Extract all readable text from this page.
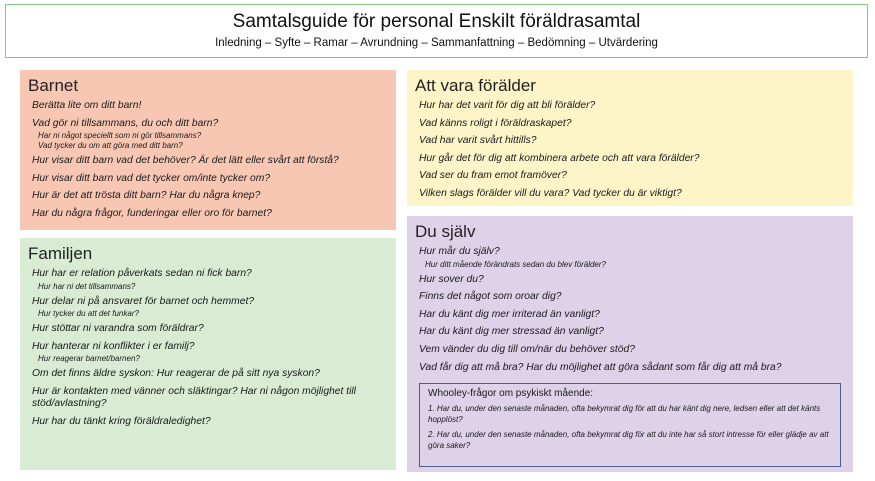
Samtalsguide för personal Enskilt föräldrasamtal
Inledning – Syfte – Ramar – Avrundning – Sammanfattning – Bedömning – Utvärdering
Barnet
Berätta lite om ditt barn!
Vad gör ni tillsammans, du och ditt barn?
Har ni något speciellt som ni gör tillsammans?
Vad tycker du om att göra med ditt barn?
Hur visar ditt barn vad det behöver? Är det lätt eller svårt att förstå?
Hur visar ditt barn vad det tycker om/inte tycker om?
Hur är det att trösta ditt barn? Har du några knep?
Har du några frågor, funderingar eller oro för barnet?
Familjen
Hur har er relation påverkats sedan ni fick barn?
Hur har ni det tillsammans?
Hur delar ni på ansvaret för barnet och hemmet?
Hur tycker du att det funkar?
Hur stöttar ni varandra som föräldrar?
Hur hanterar ni konflikter i er familj?
Hur reagerar barnet/barnen?
Om det finns äldre syskon: Hur reagerar de på sitt nya syskon?
Hur är kontakten med vänner och släktingar? Har ni någon möjlighet till stöd/avlastning?
Hur har du tänkt kring föräldraledighet?
Att vara förälder
Hur har det varit för dig att bli förälder?
Vad känns roligt i föräldraskapet?
Vad har varit svårt hittills?
Hur går det för dig att kombinera arbete och att vara förälder?
Vad ser du fram emot framöver?
Vilken slags förälder vill du vara? Vad tycker du är viktigt?
Du själv
Hur mår du själv?
Hur ditt mående förändrats sedan du blev förälder?
Hur sover du?
Finns det något som oroar dig?
Har du känt dig mer irriterad än vanligt?
Har du känt dig mer stressad än vanligt?
Vem vänder du dig till om/när du behöver stöd?
Vad får dig att må bra? Har du möjlighet att göra sådant som får dig att må bra?
Whooley-frågor om psykiskt mående:
1. Har du, under den senaste månaden, ofta bekymrat dig för att du har känt dig nere, ledsen eller att det känts hopplöst?
2. Har du, under den senaste månaden, ofta bekymrat dig för att du inte har så stort intresse för eller glädje av att göra saker?
